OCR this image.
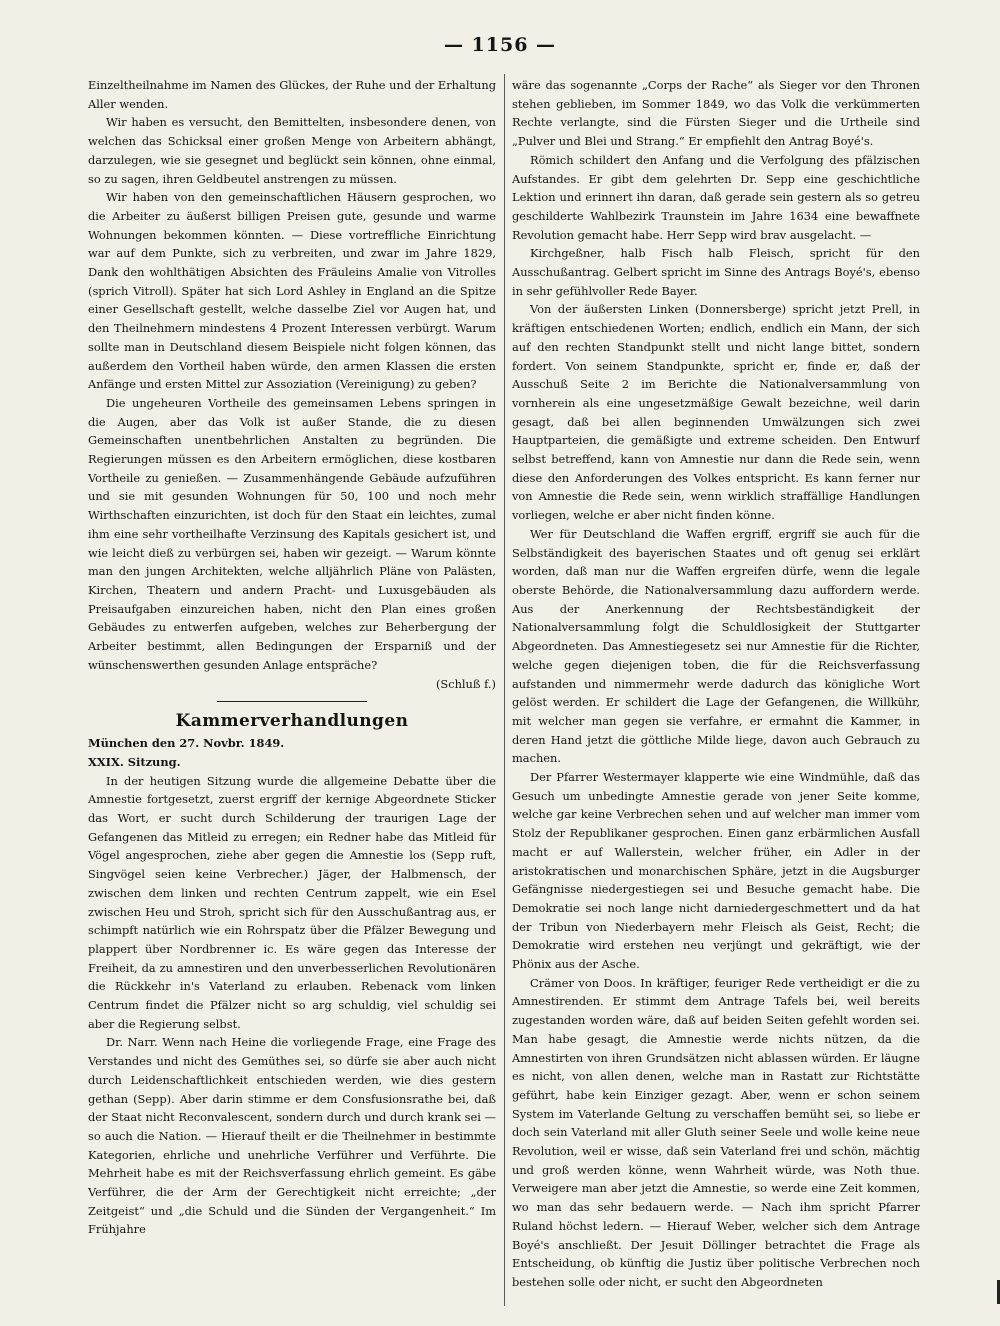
— 1156 —

Einzeltheilnahme im Namen des Glückes, der Ruhe und der Erhaltung Aller wenden.

Wir haben es versucht, den Bemittelten, insbesondere denen, von welchen das Schicksal einer großen Menge von Arbeitern abhängt, darzulegen, wie sie gesegnet und beglückt sein können, ohne einmal, so zu sagen, ihren Geldbeutel anstrengen zu müssen.

Wir haben von den gemeinschaftlichen Häusern gesprochen, wo die Arbeiter zu äußerst billigen Preisen gute, gesunde und warme Wohnungen bekommen könnten. — Diese vortreffliche Einrichtung war auf dem Punkte, sich zu verbreiten, und zwar im Jahre 1829, Dank den wohlthätigen Absichten des Fräuleins Amalie von Vitrolles (sprich Vitroll). Später hat sich Lord Ashley in England an die Spitze einer Gesellschaft gestellt, welche dasselbe Ziel vor Augen hat, und den Theilnehmern mindestens 4 Prozent Interessen verbürgt. Warum sollte man in Deutschland diesem Beispiele nicht folgen können, das außerdem den Vortheil haben würde, den armen Klassen die ersten Anfänge und ersten Mittel zur Assoziation (Vereinigung) zu geben?

Die ungeheuren Vortheile des gemeinsamen Lebens springen in die Augen, aber das Volk ist außer Stande, die zu diesen Gemeinschaften unentbehrlichen Anstalten zu begründen. Die Regierungen müssen es den Arbeitern ermöglichen, diese kostbaren Vortheile zu genießen. — Zusammenhängende Gebäude aufzuführen und sie mit gesunden Wohnungen für 50, 100 und noch mehr Wirthschaften einzurichten, ist doch für den Staat ein leichtes, zumal ihm eine sehr vortheilhafte Verzinsung des Kapitals gesichert ist, und wie leicht dieß zu verbürgen sei, haben wir gezeigt. — Warum könnte man den jungen Architekten, welche alljährlich Pläne von Palästen, Kirchen, Theatern und andern Pracht- und Luxusgebäuden als Preisaufgaben einzureichen haben, nicht den Plan eines großen Gebäudes zu entwerfen aufgeben, welches zur Beherbergung der Arbeiter bestimmt, allen Bedingungen der Ersparniß und der wünschenswerthen gesunden Anlage entspräche?

(Schluß f.)

Kammerverhandlungen

München den 27. Novbr. 1849.

XXIX. Sitzung.

In der heutigen Sitzung wurde die allgemeine Debatte über die Amnestie fortgesetzt, zuerst ergriff der kernige Abgeordnete Sticker das Wort, er sucht durch Schilderung der traurigen Lage der Gefangenen das Mitleid zu erregen; ein Redner habe das Mitleid für Vögel angesprochen, ziehe aber gegen die Amnestie los (Sepp ruft, Singvögel seien keine Verbrecher.) Jäger, der Halbmensch, der zwischen dem linken und rechten Centrum zappelt, wie ein Esel zwischen Heu und Stroh, spricht sich für den Ausschußantrag aus, er schimpft natürlich wie ein Rohrspatz über die Pfälzer Bewegung und plappert über Nordbrenner ic. Es wäre gegen das Interesse der Freiheit, da zu amnestiren und den unverbesserlichen Revolutionären die Rückkehr in's Vaterland zu erlauben. Rebenack vom linken Centrum findet die Pfälzer nicht so arg schuldig, viel schuldig sei aber die Regierung selbst.

Dr. Narr. Wenn nach Heine die vorliegende Frage, eine Frage des Verstandes und nicht des Gemüthes sei, so dürfe sie aber auch nicht durch Leidenschaftlichkeit entschieden werden, wie dies gestern gethan (Sepp). Aber darin stimme er dem Consfusionsrathe bei, daß der Staat nicht Reconvalescent, sondern durch und durch krank sei — so auch die Nation. — Hierauf theilt er die Theilnehmer in bestimmte Kategorien, ehrliche und unehrliche Verführer und Verführte. Die Mehrheit habe es mit der Reichsverfassung ehrlich gemeint. Es gäbe Verführer, die der Arm der Gerechtigkeit nicht erreichte; „der Zeitgeist“ und „die Schuld und die Sünden der Vergangenheit.“ Im Frühjahre

wäre das sogenannte „Corps der Rache“ als Sieger vor den Thronen stehen geblieben, im Sommer 1849, wo das Volk die verkümmerten Rechte verlangte, sind die Fürsten Sieger und die Urtheile sind „Pulver und Blei und Strang.“ Er empfiehlt den Antrag Boyé's.

Römich schildert den Anfang und die Verfolgung des pfälzischen Aufstandes. Er gibt dem gelehrten Dr. Sepp eine geschichtliche Lektion und erinnert ihn daran, daß gerade sein gestern als so getreu geschilderte Wahlbezirk Traunstein im Jahre 1634 eine bewaffnete Revolution gemacht habe. Herr Sepp wird brav ausgelacht. —

Kirchgeßner, halb Fisch halb Fleisch, spricht für den Ausschußantrag. Gelbert spricht im Sinne des Antrags Boyé's, ebenso in sehr gefühlvoller Rede Bayer.

Von der äußersten Linken (Donnersberge) spricht jetzt Prell, in kräftigen entschiedenen Worten; endlich, endlich ein Mann, der sich auf den rechten Standpunkt stellt und nicht lange bittet, sondern fordert. Von seinem Standpunkte, spricht er, finde er, daß der Ausschuß Seite 2 im Berichte die Nationalversammlung von vornherein als eine ungesetzmäßige Gewalt bezeichne, weil darin gesagt, daß bei allen beginnenden Umwälzungen sich zwei Hauptparteien, die gemäßigte und extreme scheiden. Den Entwurf selbst betreffend, kann von Amnestie nur dann die Rede sein, wenn diese den Anforderungen des Volkes entspricht. Es kann ferner nur von Amnestie die Rede sein, wenn wirklich straffällige Handlungen vorliegen, welche er aber nicht finden könne.

Wer für Deutschland die Waffen ergriff, ergriff sie auch für die Selbständigkeit des bayerischen Staates und oft genug sei erklärt worden, daß man nur die Waffen ergreifen dürfe, wenn die legale oberste Behörde, die Nationalversammlung dazu auffordern werde. Aus der Anerkennung der Rechtsbeständigkeit der Nationalversammlung folgt die Schuldlosigkeit der Stuttgarter Abgeordneten. Das Amnestiegesetz sei nur Amnestie für die Richter, welche gegen diejenigen toben, die für die Reichsverfassung aufstanden und nimmermehr werde dadurch das königliche Wort gelöst werden. Er schildert die Lage der Gefangenen, die Willkühr, mit welcher man gegen sie verfahre, er ermahnt die Kammer, in deren Hand jetzt die göttliche Milde liege, davon auch Gebrauch zu machen.

Der Pfarrer Westermayer klapperte wie eine Windmühle, daß das Gesuch um unbedingte Amnestie gerade von jener Seite komme, welche gar keine Verbrechen sehen und auf welcher man immer vom Stolz der Republikaner gesprochen. Einen ganz erbärmlichen Ausfall macht er auf Wallerstein, welcher früher, ein Adler in der aristokratischen und monarchischen Sphäre, jetzt in die Augsburger Gefängnisse niedergestiegen sei und Besuche gemacht habe. Die Demokratie sei noch lange nicht darniedergeschmettert und da hat der Tribun von Niederbayern mehr Fleisch als Geist, Recht; die Demokratie wird erstehen neu verjüngt und gekräftigt, wie der Phönix aus der Asche.

Crämer von Doos. In kräftiger, feuriger Rede vertheidigt er die zu Amnestirenden. Er stimmt dem Antrage Tafels bei, weil bereits zugestanden worden wäre, daß auf beiden Seiten gefehlt worden sei. Man habe gesagt, die Amnestie werde nichts nützen, da die Amnestirten von ihren Grundsätzen nicht ablassen würden. Er läugne es nicht, von allen denen, welche man in Rastatt zur Richtstätte geführt, habe kein Einziger gezagt. Aber, wenn er schon seinem System im Vaterlande Geltung zu verschaffen bemüht sei, so liebe er doch sein Vaterland mit aller Gluth seiner Seele und wolle keine neue Revolution, weil er wisse, daß sein Vaterland frei und schön, mächtig und groß werden könne, wenn Wahrheit würde, was Noth thue. Verweigere man aber jetzt die Amnestie, so werde eine Zeit kommen, wo man das sehr bedauern werde. — Nach ihm spricht Pfarrer Ruland höchst ledern. — Hierauf Weber, welcher sich dem Antrage Boyé's anschließt. Der Jesuit Döllinger betrachtet die Frage als Entscheidung, ob künftig die Justiz über politische Verbrechen noch bestehen solle oder nicht, er sucht den Abgeordneten
